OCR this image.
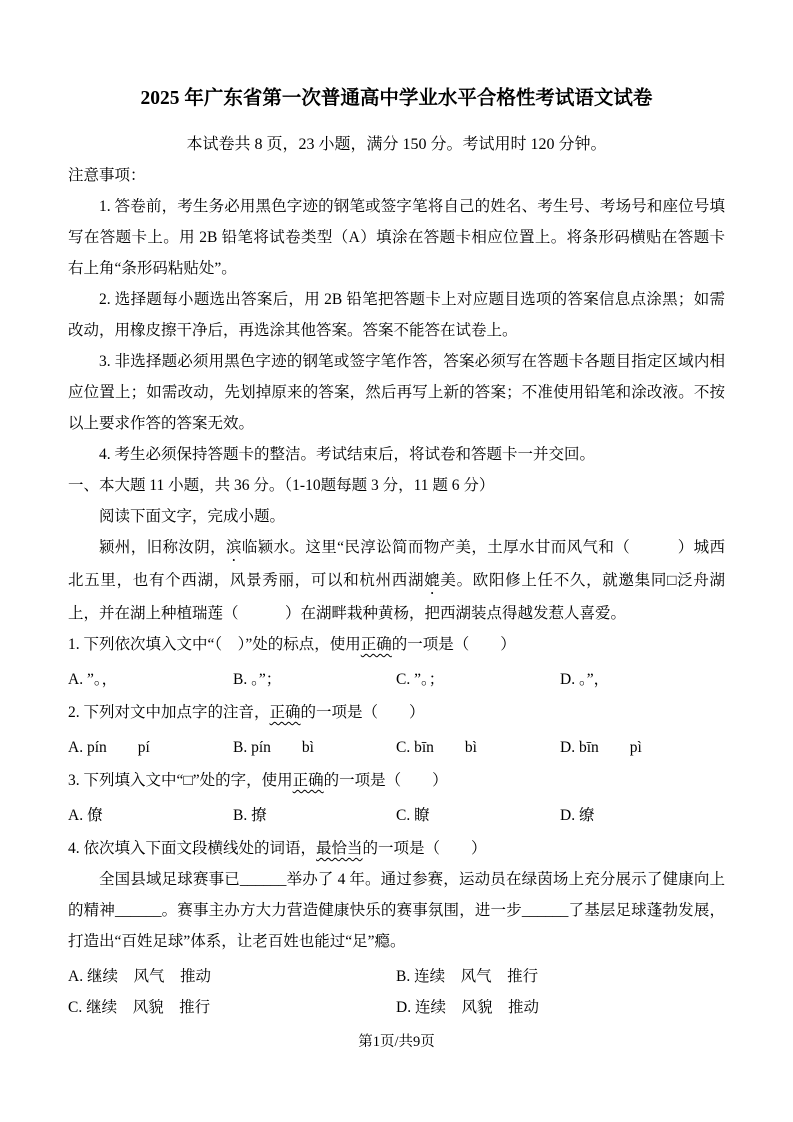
2025 年广东省第一次普通高中学业水平合格性考试语文试卷
本试卷共 8 页，23 小题，满分 150 分。考试用时 120 分钟。
注意事项：

1. 答卷前，考生务必用黑色字迹的钢笔或签字笔将自己的姓名、考生号、考场号和座位号填写在答题卡上。用 2B 铅笔将试卷类型（A）填涂在答题卡相应位置上。将条形码横贴在答题卡右上角“条形码粘贴处”。

2. 选择题每小题选出答案后，用 2B 铅笔把答题卡上对应题目选项的答案信息点涂黑；如需改动，用橡皮擦干净后，再选涂其他答案。答案不能答在试卷上。

3. 非选择题必须用黑色字迹的钢笔或签字笔作答，答案必须写在答题卡各题目指定区域内相应位置上；如需改动，先划掉原来的答案，然后再写上新的答案；不准使用铅笔和涂改液。不按以上要求作答的答案无效。

4. 考生必须保持答题卡的整洁。考试结束后，将试卷和答题卡一并交回。

一、本大题 11 小题，共 36 分。（1-10题每题 3 分，11 题 6 分）

阅读下面文字，完成小题。

颍州，旧称汝阴，滨临颍水。这里“民淳讼简而物产美，土厚水甘而风气和（　　　）城西北五里，也有个西湖，风景秀丽，可以和杭州西湖媲美。欧阳修上任不久，就邀集同□泛舟湖上，并在湖上种植瑞莲（　　　）在湖畔栽种黄杨，把西湖装点得越发惹人喜爱。

1. 下列依次填入文中“（　）”处的标点，使用正确的一项是（　　）

A. ”。，	B. 。”；	C. ”。；	D. 。”，

2. 下列对文中加点字的注音，正确的一项是（　　）

A. pín　　pí	B. pín　　bì	C. bīn　　bì	D. bīn　　pì

3. 下列填入文中“□”处的字，使用正确的一项是（　　）

A. 僚	B. 撩	C. 瞭	D. 缭

4. 依次填入下面文段横线处的词语，最恰当的一项是（　　）

全国县域足球赛事已______举办了 4 年。通过参赛，运动员在绿茵场上充分展示了健康向上的精神______。赛事主办方大力营造健康快乐的赛事氛围，进一步______了基层足球蓬勃发展，打造出“百姓足球”体系，让老百姓也能过“足”瘾。

A. 继续　风气　推动	B. 连续　风气　推行
C. 继续　风貌　推行	D. 连续　风貌　推动
第1页/共9页
